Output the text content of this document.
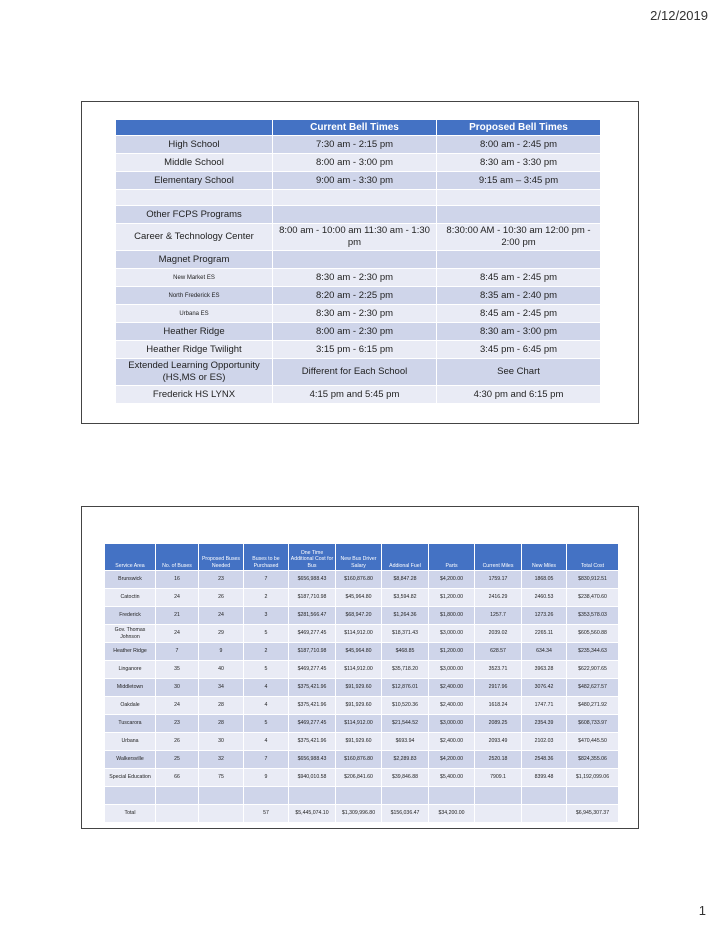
2/12/2019
	Current Bell Times	Proposed Bell Times
High School	7:30 am - 2:15 pm	8:00 am - 2:45 pm
Middle School	8:00 am - 3:00 pm	8:30 am - 3:30 pm
Elementary School	9:00 am - 3:30 pm	9:15 am – 3:45 pm

Other FCPS Programs		
Career & Technology Center	8:00 am - 10:00 am 11:30 am - 1:30 pm	8:30:00 AM - 10:30 am 12:00 pm - 2:00 pm
Magnet Program		
New Market ES	8:30 am - 2:30 pm	8:45 am - 2:45 pm
North Frederick ES	8:20 am - 2:25 pm	8:35 am - 2:40 pm
Urbana ES	8:30 am - 2:30 pm	8:45 am - 2:45 pm
Heather Ridge	8:00 am - 2:30 pm	8:30 am - 3:00 pm
Heather Ridge Twilight	3:15 pm - 6:15 pm	3:45 pm - 6:45 pm
Extended Learning Opportunity (HS,MS or ES)	Different for Each School	See Chart
Frederick HS LYNX	4:15 pm and 5:45 pm	4:30 pm and 6:15 pm
Service Area	No. of Buses	Proposed Buses Needed	Buses to be Purchased	One Time Additional Cost for Bus	New Bus Driver Salary	Addional Fuel	Parts	Current Miles	New Miles	Total Cost
Brunswick	16	23	7	$656,988.43	$160,876.80	$8,847.28	$4,200.00	1759.17	1868.05	$830,912.51
Catoctin	24	26	2	$187,710.98	$45,964.80	$3,594.82	$1,200.00	2416.29	2460.53	$238,470.60
Frederick	21	24	3	$281,566.47	$68,947.20	$1,264.36	$1,800.00	1257.7	1273.26	$353,578.03
Gov. Thomas Johnson	24	29	5	$469,277.45	$114,912.00	$18,371.43	$3,000.00	2039.02	2265.11	$605,560.88
Heather Ridge	7	9	2	$187,710.98	$45,964.80	$468.85	$1,200.00	628.57	634.34	$235,344.63
Linganore	35	40	5	$469,277.45	$114,912.00	$35,718.20	$3,000.00	3523.71	3963.28	$622,907.65
Middletown	30	34	4	$375,421.96	$91,929.60	$12,876.01	$2,400.00	2917.96	3076.42	$482,627.57
Oakdale	24	28	4	$375,421.96	$91,929.60	$10,520.36	$2,400.00	1618.24	1747.71	$480,271.92
Tuscarora	23	28	5	$469,277.45	$114,912.00	$21,544.52	$3,000.00	2089.25	2354.39	$608,733.97
Urbana	26	30	4	$375,421.96	$91,929.60	$693.94	$2,400.00	2093.49	2102.03	$470,445.50
Walkersville	25	32	7	$656,988.43	$160,876.80	$2,289.83	$4,200.00	2520.18	2548.36	$824,355.06
Special Education	66	75	9	$940,010.58	$206,841.60	$39,846.88	$5,400.00	7909.1	8399.48	$1,192,099.06

Total			57	$5,445,074.10	$1,309,996.80	$156,036.47	$34,200.00			$6,945,307.37
1
